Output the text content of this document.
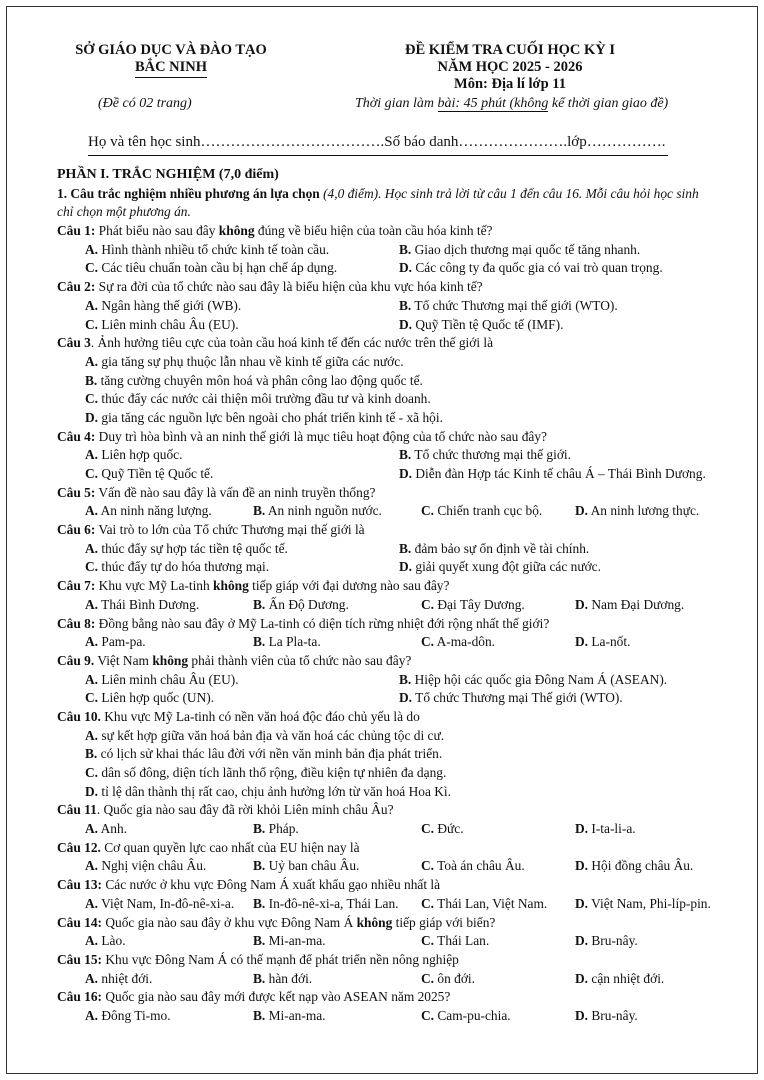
SỞ GIÁO DỤC VÀ ĐÀO TẠO
BẮC NINH
ĐỀ KIỂM TRA CUỐI HỌC KỲ I
NĂM HỌC 2025 - 2026
Môn: Địa lí lớp 11
(Đề có 02 trang)	Thời gian làm bài: 45 phút (không kể thời gian giao đề)
Họ và tên học sinh……………………………….Số báo danh………………….lớp…………….
PHẦN I. TRẮC NGHIỆM (7,0 điểm)
1. Câu trắc nghiệm nhiều phương án lựa chọn (4,0 điểm). Học sinh trả lời từ câu 1 đến câu 16. Mỗi câu hỏi học sinh
chỉ chọn một phương án.
Câu 1: Phát biểu nào sau đây không đúng về biểu hiện của toàn cầu hóa kinh tế?
A. Hình thành nhiều tổ chức kinh tế toàn cầu.	B. Giao dịch thương mại quốc tế tăng nhanh.
C. Các tiêu chuẩn toàn cầu bị hạn chế áp dụng.	D. Các công ty đa quốc gia có vai trò quan trọng.
Câu 2: Sự ra đời của tổ chức nào sau đây là biểu hiện của khu vực hóa kinh tế?
A. Ngân hàng thế giới (WB).	B. Tổ chức Thương mại thế giới (WTO).
C. Liên minh châu Âu (EU).	D. Quỹ Tiền tệ Quốc tế (IMF).
Câu 3. Ảnh hưởng tiêu cực của toàn cầu hoá kinh tế đến các nước trên thế giới là
A. gia tăng sự phụ thuộc lẫn nhau về kinh tế giữa các nước.
B. tăng cường chuyên môn hoá và phân công lao động quốc tế.
C. thúc đẩy các nước cải thiện môi trường đầu tư và kinh doanh.
D. gia tăng các nguồn lực bên ngoài cho phát triển kinh tế - xã hội.
Câu 4: Duy trì hòa bình và an ninh thế giới là mục tiêu hoạt động của tổ chức nào sau đây?
A. Liên hợp quốc.	B. Tổ chức thương mại thế giới.
C. Quỹ Tiền tệ Quốc tế.	D. Diễn đàn Hợp tác Kinh tế châu Á – Thái Bình Dương.
Câu 5: Vấn đề nào sau đây là vấn đề an ninh truyền thống?
A. An ninh năng lượng.	B. An ninh nguồn nước.	C. Chiến tranh cục bộ. D. An ninh lương thực.
Câu 6: Vai trò to lớn của Tổ chức Thương mại thế giới là
A. thúc đẩy sự hợp tác tiền tệ quốc tế.	B. đảm bảo sự ổn định về tài chính.
C. thúc đẩy tự do hóa thương mại.	D. giải quyết xung đột giữa các nước.
Câu 7: Khu vực Mỹ La-tinh không tiếp giáp với đại dương nào sau đây?
A. Thái Bình Dương.	B. Ấn Độ Dương.	C. Đại Tây Dương.	D. Nam Đại Dương.
Câu 8: Đồng bằng nào sau đây ở Mỹ La-tinh có diện tích rừng nhiệt đới rộng nhất thế giới?
A. Pam-pa.	B. La Pla-ta.	C. A-ma-dôn.	D. La-nốt.
Câu 9. Việt Nam không phải thành viên của tổ chức nào sau đây?
A. Liên minh châu Âu (EU).	B. Hiệp hội các quốc gia Đông Nam Á (ASEAN).
C. Liên hợp quốc (UN).	D. Tổ chức Thương mại Thế giới (WTO).
Câu 10. Khu vực Mỹ La-tinh có nền văn hoá độc đáo chủ yếu là do
A. sự kết hợp giữa văn hoá bản địa và văn hoá các chủng tộc di cư.
B. có lịch sử khai thác lâu đời với nền văn minh bản địa phát triển.
C. dân số đông, diện tích lãnh thổ rộng, điều kiện tự nhiên đa dạng.
D. tỉ lệ dân thành thị rất cao, chịu ảnh hưởng lớn từ văn hoá Hoa Kì.
Câu 11. Quốc gia nào sau đây đã rời khỏi Liên minh châu Âu?
A. Anh.	B. Pháp.	C. Đức.	D. I-ta-li-a.
Câu 12. Cơ quan quyền lực cao nhất của EU hiện nay là
A. Nghị viện châu Âu.	B. Uỷ ban châu Âu.	C. Toà án châu Âu.	D. Hội đồng châu Âu.
Câu 13: Các nước ở khu vực Đông Nam Á xuất khẩu gạo nhiều nhất là
A. Việt Nam, In-đô-nê-xi-a. B. In-đô-nê-xi-a, Thái Lan. C. Thái Lan, Việt Nam. D. Việt Nam, Phi-líp-pin.
Câu 14: Quốc gia nào sau đây ở khu vực Đông Nam Á không tiếp giáp với biển?
A. Lào.	B. Mi-an-ma.	C. Thái Lan.	D. Bru-nây.
Câu 15: Khu vực Đông Nam Á có thế mạnh để phát triển nền nông nghiệp
A. nhiệt đới.	B. hàn đới.	C. ôn đới.	D. cận nhiệt đới.
Câu 16: Quốc gia nào sau đây mới được kết nạp vào ASEAN năm 2025?
A. Đông Ti-mo.	B. Mi-an-ma.	C. Cam-pu-chia.	D. Bru-nây.
